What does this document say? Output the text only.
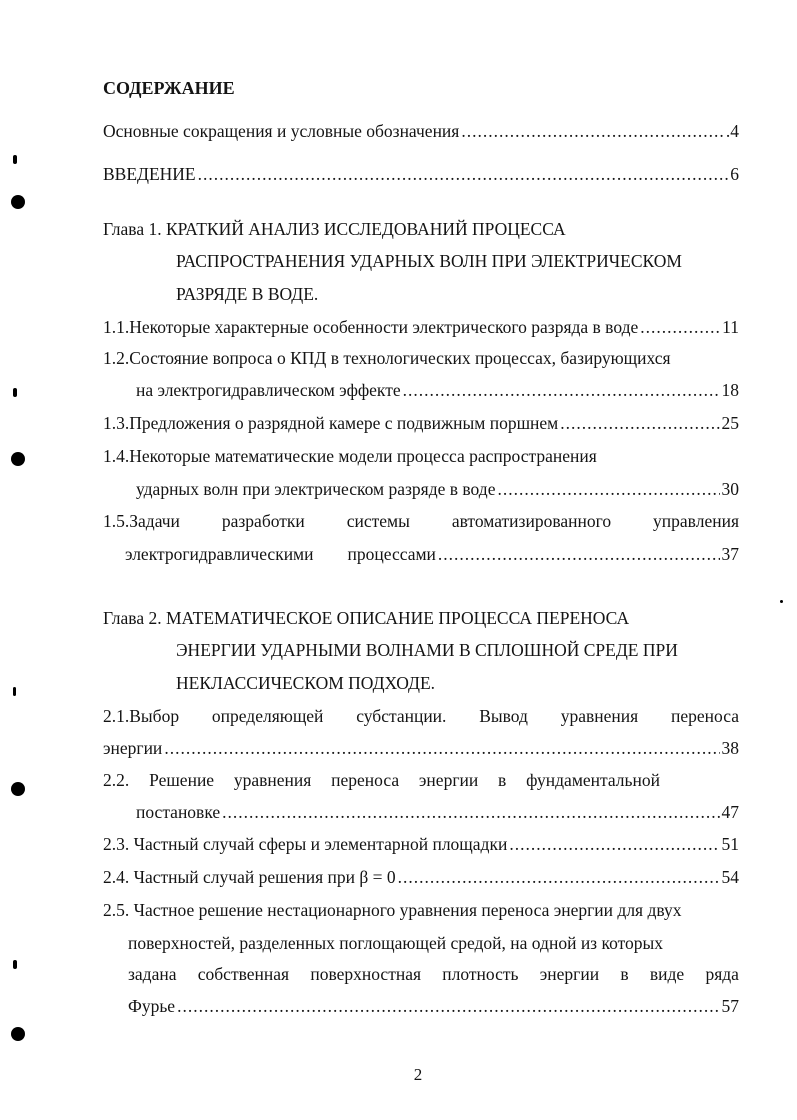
СОДЕРЖАНИЕ
Основные сокращения и условные обозначения .....	.4
ВВЕДЕНИЕ .....	6
Глава 1. КРАТКИЙ АНАЛИЗ ИССЛЕДОВАНИЙ ПРОЦЕССА
РАСПРОСТРАНЕНИЯ УДАРНЫХ ВОЛН ПРИ ЭЛЕКТРИЧЕСКОМ
РАЗРЯДЕ В ВОДЕ.
1.1.Некоторые характерные особенности электрического разряда в воде .....	11
1.2.Состояние вопроса о КПД в технологических процессах, базирующихся
на электрогидравлическом эффекте .....	18
1.3.Предложения о разрядной камере с подвижным поршнем .....	25
1.4.Некоторые математические модели процесса распространения
ударных волн при электрическом разряде в воде .....	30
1.5.Задачи разработки системы автоматизированного управления
электрогидравлическими процессами .....	37
Глава 2. МАТЕМАТИЧЕСКОЕ ОПИСАНИЕ ПРОЦЕССА ПЕРЕНОСА
ЭНЕРГИИ УДАРНЫМИ ВОЛНАМИ В СПЛОШНОЙ СРЕДЕ ПРИ
НЕКЛАССИЧЕСКОМ ПОДХОДЕ.
2.1.Выбор определяющей субстанции. Вывод уравнения переноса
энергии .....	38
2.2. Решение уравнения переноса энергии в фундаментальной
постановке .....	47
2.3. Частный случай сферы и элементарной площадки .....	51
2.4. Частный случай решения при β = 0 .....	54
2.5. Частное решение нестационарного уравнения переноса энергии для двух
поверхностей, разделенных поглощающей средой, на одной из которых
задана собственная поверхностная плотность энергии в виде ряда
Фурье .....	57
2
